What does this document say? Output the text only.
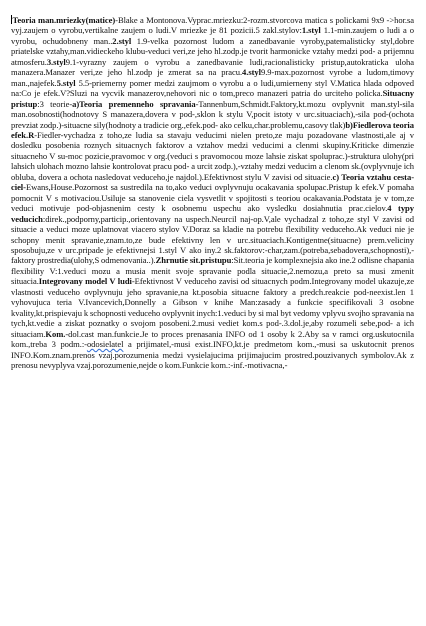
Teoria man.mriezky(matice)-Blake a Montonova.Vyprac.mriezku:2-rozm.stvorcova matica s polickami 9x9 ->hor.sa vyj.zaujem o vyrobu,vertikalne zaujem o ludi.V mriezke je 81 pozicii.5 zakl.stylov:1.styl 1.1-min.zaujem o ludi a o vyrobu, ochudobneny man..2.styl 1.9-velka pozornost ludom a zanedbavanie vyroby,patemalisticky styl,dobre priatelske vztahy,man.vidieckeho klubu-veduci veri,ze jeho hl.zodp.je tvorit harmonicke vztahy medzi pod- a prijemnu atmosferu.3.styl9.1-vyrazny zaujem o vyrobu a zanedbavanie ludi,racionalisticky pristup,autokraticka uloha manazera.Manazer veri,ze jeho hl.zodp je zmerat sa na pracu.4.styl9.9-max.pozornost vyrobe a ludom,timovy man.,najefek.5.styl 5.5-priemerny pomer medzi zaujmom o vyrobu a o ludi,umierneny styl V.Matica hlada odpoved na:Co je efek.V?Sluzi na vycvik manazerov,nehovori nic o tom,preco manazeri patria do urciteho policka.Situacny pristup:3 teorie-a)Teoria premenneho spravania-Tannenbum,Schmidt.Faktory,kt.mozu ovplyvnit man.styl-sila man.osobnosti(hodnotovy S manazera,dovera v pod-,sklon k stylu V,pocit istoty v urc.situaciach),-sila pod-(ochota prevziat zodp.)-situacne sily(hodnoty a tradicie org.,efek.pod- ako celku,char.problemu,casovy tlak)b)Fiedlerova teoria efek.R-Fiedler-vychadza z toho,ze ludia sa stavaju veducimi nielen preto,ze maju pozadovane vlastnosti,ale aj v dosledku posobenia roznych situacnych faktorov a vztahov medzi veducimi a clenmi skupiny.Kriticke dimenzie situacneho V su-moc pozicie,pravomoc v org.(veduci s pravomocou moze lahsie ziskat spoluprac.)-struktura ulohy(pri lahsich ulohach mozno lahsie kontrolovat pracu pod- a urcit zodp.),-vztahy medzi veducim a clenom sk.(ovplyvnuje ich obluba, dovera a ochota nasledovat veduceho,je najdol.).Efektivnost stylu V zavisi od situacie.c) Teoria vztahu cesta-ciel-Ewans,House.Pozornost sa sustredila na to,ako veduci ovplyvnuju ocakavania spolupac.Pristup k efek.V pomaha pomocnit V s motivaciou.Usiluje sa stanovenie ciela vysvetlit v spojitosti s teoriou ocakavania.Podstata je v tom,ze veduci motivuje pod-objasnenim cesty k osobnemu uspechu ako vysledku dosiahnutia prac.cielov.4 typy veducich:direk.,podporny,particip.,orientovany na uspech.Neurcil naj-op.V,ale vychadzal z toho,ze styl V zavisi od situacie a veduci moze uplatnovat viacero stylov V.Doraz sa kladie na potrebu flexibility veduceho.Ak veduci nie je schopny menit spravanie,znam.to,ze bude efektivny len v urc.situaciach.Kontigentne(situacne) prem.veliciny sposobuju,ze v urc.pripade je efektivnejsi 1.styl V ako iny.2 sk.faktorov:-char,zam.(potreba,sebadovera,schopnosti),-faktory prostredia(ulohy,S odmenovania..).Zhrnutie sit.pristupu:Sit.teoria je komplexnejsia ako ine.2 odlisne chapania flexibility V:1.veduci mozu a musia menit svoje spravanie podla situacie,2.nemozu,a preto sa musi zmenit situacia.Integrovany model V ludi-Efektivnost V veduceho zavisi od situacnych podm.Integrovany model ukazuje,ze vlastnosti veduceho ovplyvnuju jeho spravanie,na kt.posobia situacne faktory a predch.reakcie pod-neexist.len 1 vyhovujuca teria V.Ivancevich,Donnelly a Gibson v knihe Man:zasady a funkcie specifikovali 3 osobne kvality,kt.prispievaju k schopnosti veduceho ovplyvnit inych:1.veduci by si mal byt vedomy vplyvu svojho spravania na tych,kt.vedie a ziskat poznatky o svojom posobeni.2.musi vediet kom.s pod-.3.dol.je,aby rozumeli sebe,pod- a ich situaciam.Kom.-dol.cast man.funkcie.Je to proces prenasania INFO od 1 osoby k 2.Aby sa v ramci org.uskutocnila kom.,treba 3 podm.:-odosielatel a prijimatel,-musi exist.INFO,kt.je predmetom kom.,-musi sa uskutocnit prenos INFO.Kom.znam.prenos vzaj.porozumenia medzi vysielajucima prijimajucim prostred.pouzivanych symbolov.Ak z prenosu nevyplyva vzaj.porozumenie,nejde o kom.Funkcie kom.:-inf.-motivacna,-
